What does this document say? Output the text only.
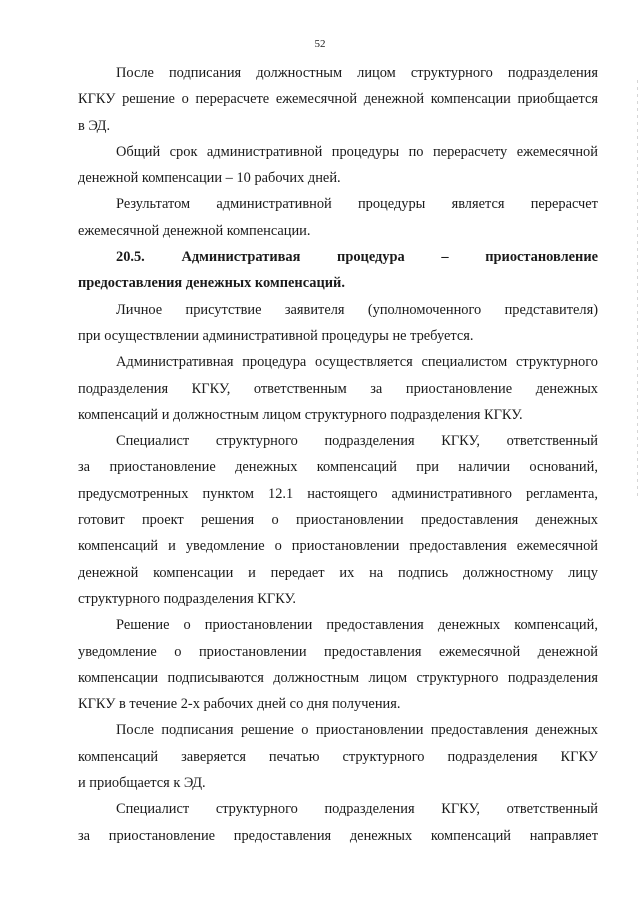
52
После подписания должностным лицом структурного подразделения
КГКУ решение о перерасчете ежемесячной денежной компенсации приобщается
в ЭД.
Общий срок административной процедуры по перерасчету ежемесячной
денежной компенсации – 10 рабочих дней.
Результатом административной процедуры является перерасчет
ежемесячной денежной компенсации.
20.5.	Административая	процедура	–	приостановление
предоставления денежных компенсаций.
Личное присутствие заявителя (уполномоченного представителя)
при осуществлении административной процедуры не требуется.
Административная процедура осуществляется специалистом структурного
подразделения КГКУ, ответственным за приостановление денежных
компенсаций и должностным лицом структурного подразделения КГКУ.
Специалист структурного подразделения КГКУ, ответственный
за приостановление денежных компенсаций при наличии оснований,
предусмотренных пунктом 12.1 настоящего административного регламента,
готовит проект решения о приостановлении предоставления денежных
компенсаций и уведомление о приостановлении предоставления ежемесячной
денежной компенсации и передает их на подпись должностному лицу
структурного подразделения КГКУ.
Решение о приостановлении предоставления денежных компенсаций,
уведомление о приостановлении предоставления ежемесячной денежной
компенсации подписываются должностным лицом структурного подразделения
КГКУ в течение 2-х рабочих дней со дня получения.
После подписания решение о приостановлении предоставления денежных
компенсаций заверяется печатью структурного подразделения КГКУ
и приобщается к ЭД.
Специалист структурного подразделения КГКУ, ответственный
за приостановление предоставления денежных компенсаций направляет
